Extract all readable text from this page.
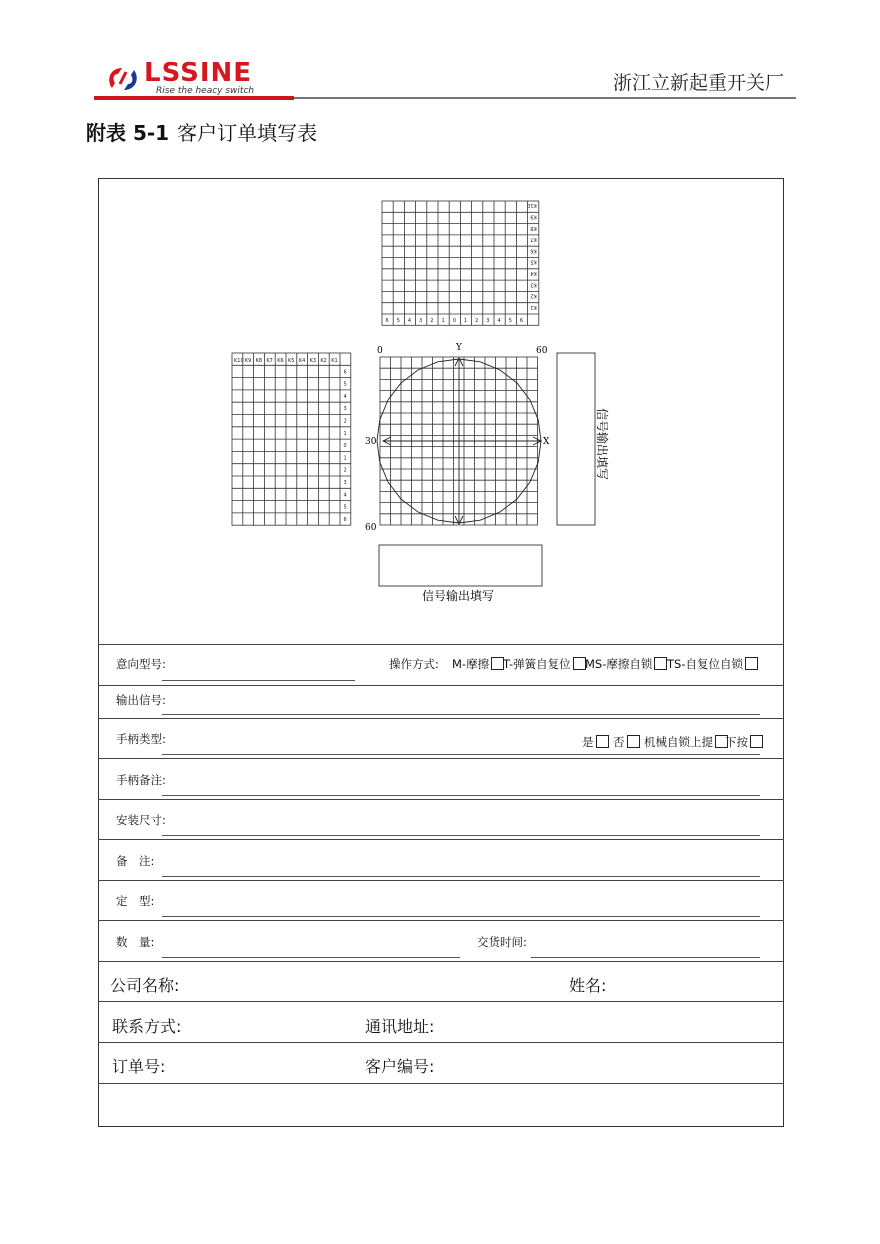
LSSINE
Rise the heacy switch	浙江立新起重开关厂
附表 5-1 客户订单填写表
K1
K2
K3
K4
K5
K6
K7
K8
K9
K10
6 5 4 3 2 1 0 1 2 3 4 5 6
K1
K2
K3
K4
K5
K6
K7
K8
K9
K10
6
5
4
3
2
1
0
1
2
3
4
5
6
0	60
Y
X
30
60
信号输出填写
信号输出填写
意向型号:	操作方式: M-摩擦	T-弹簧自复位	MS-摩擦自锁	TS-自复位自锁
输出信号:
手柄类型:	是	否	机械自锁上提	下按
手柄备注:
安装尺寸:
备　注:
定　型:
数　量:	交货时间:
公司名称:	姓名:
联系方式:	通讯地址:
订单号:	客户编号:
